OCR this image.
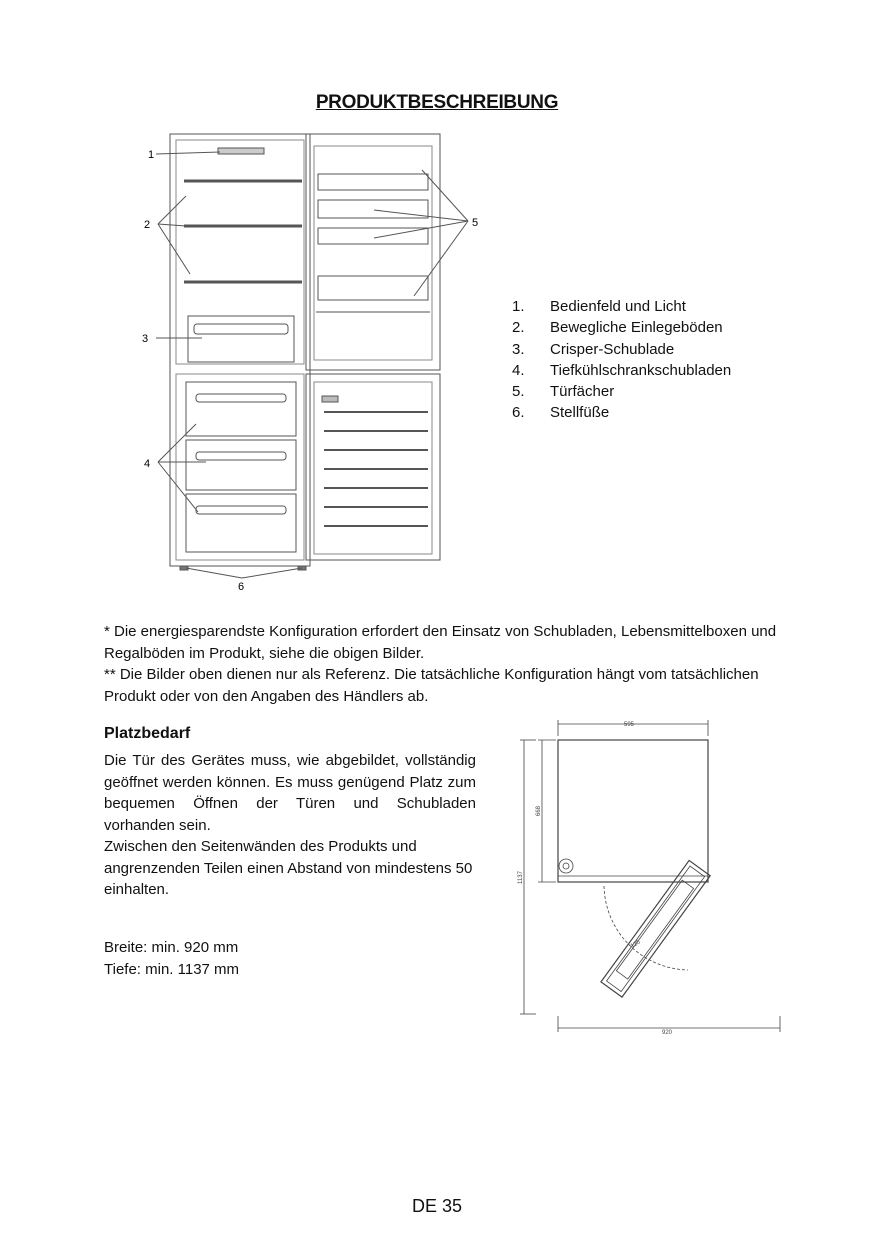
PRODUKTBESCHREIBUNG
1
2
3
4
5
6
1.	Bedienfeld und Licht
2.	Bewegliche Einlegeböden
3.	Crisper-Schublade
4.	Tiefkühlschrankschubladen
5.	Türfächer
6.	Stellfüße

* Die energiesparendste Konfiguration erfordert den Einsatz von Schubladen, Lebensmittelboxen und Regalböden im Produkt, siehe die obigen Bilder.

** Die Bilder oben dienen nur als Referenz. Die tatsächliche Konfiguration hängt vom tatsächlichen Produkt oder von den Angaben des Händlers ab.

Platzbedarf

Die Tür des Gerätes muss, wie abgebildet, vollständig geöffnet werden können. Es muss genügend Platz zum bequemen Öffnen der Türen und Schubladen vorhanden sein.

Zwischen den Seitenwänden des Produkts und angrenzenden Teilen einen Abstand von mindestens 50 einhalten.

Breite: min. 920 mm
Tiefe: min. 1137 mm
595
668
1137
126
920
DE 35
